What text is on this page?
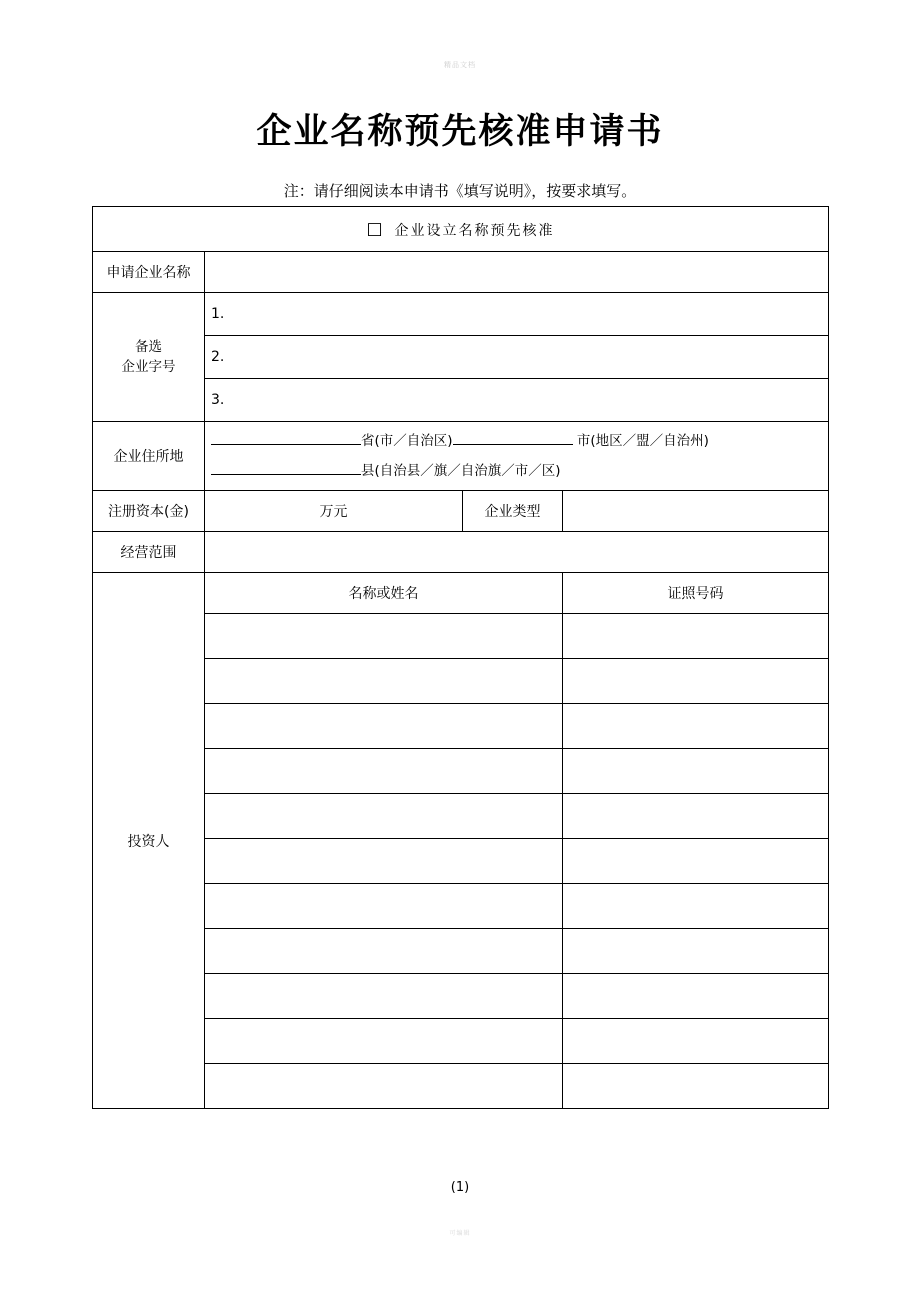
精品文档
企业名称预先核准申请书
注：请仔细阅读本申请书《填写说明》，按要求填写。
□ 企业设立名称预先核准			
申请企业名称			

备选
企业字号	1.		
	2.		
	3.		
企业住所地	省(市／自治区) 市(地区／盟／自治州)
县(自治县／旗／自治旗／市／区)		

注册资本(金)	万元	企业类型	
经营范围			
投资人	名称或姓名		证照号码

(1)
可编辑
